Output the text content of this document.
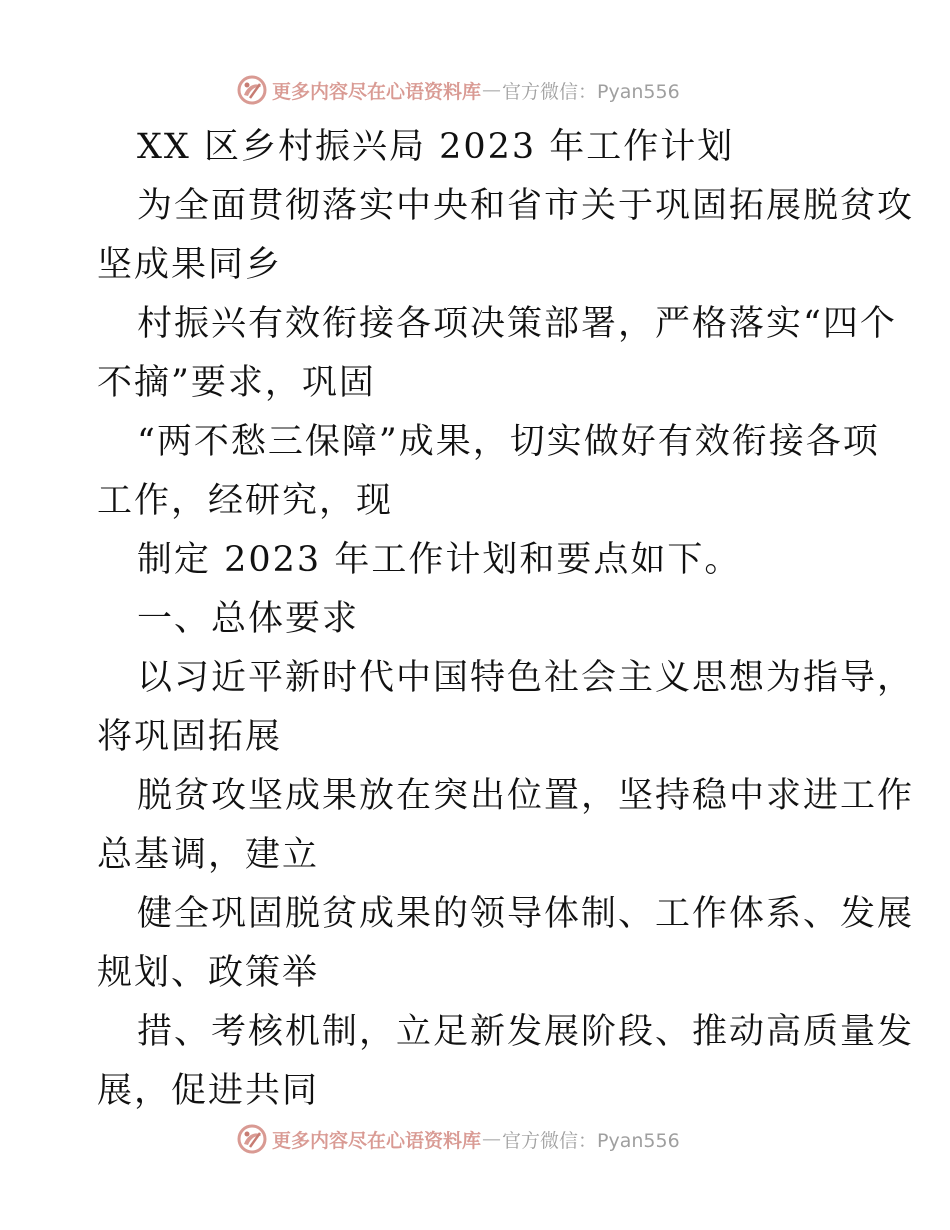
更多内容尽在心语资料库 — 官方微信：Pyan556
XX 区乡村振兴局 2023 年工作计划
为全面贯彻落实中央和省市关于巩固拓展脱贫攻
坚成果同乡
村振兴有效衔接各项决策部署，严格落实“四个
不摘”要求，巩固
“两不愁三保障”成果，切实做好有效衔接各项
工作，经研究，现
制定 2023 年工作计划和要点如下。
一、总体要求
以习近平新时代中国特色社会主义思想为指导，
将巩固拓展
脱贫攻坚成果放在突出位置，坚持稳中求进工作
总基调，建立
健全巩固脱贫成果的领导体制、工作体系、发展
规划、政策举
措、考核机制，立足新发展阶段、推动高质量发
展，促进共同
更多内容尽在心语资料库 — 官方微信：Pyan556
